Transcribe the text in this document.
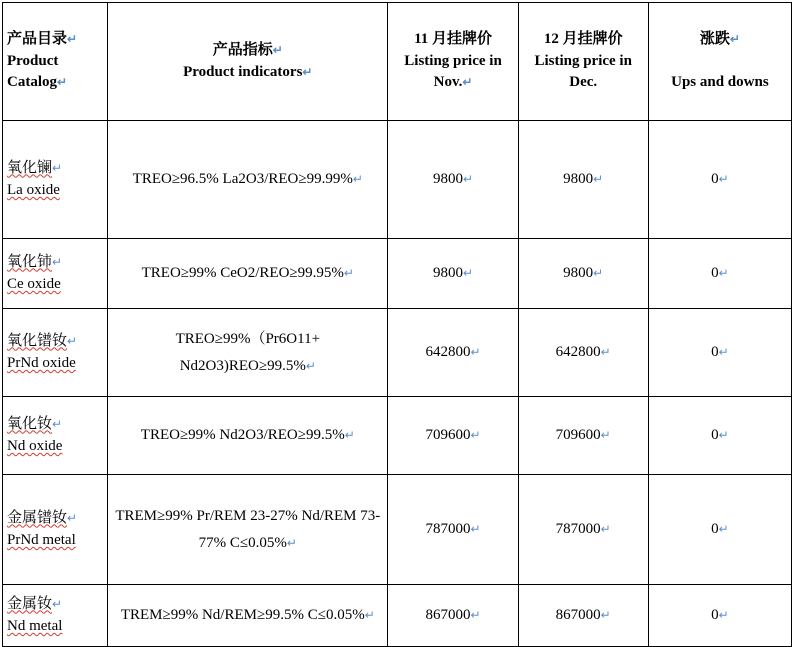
产品目录↵
Product Catalog↵	产品指标↵
Product indicators↵	11 月挂牌价
Listing price in Nov.↵	12 月挂牌价
Listing price in Dec.	涨跌↵

Ups and downs

氧化镧↵
La oxide	TREO≥96.5% La2O3/REO≥99.99%↵	9800↵	9800↵	0↵

氧化铈↵
Ce oxide	TREO≥99% CeO2/REO≥99.95%↵	9800↵	9800↵	0↵

氧化镨钕↵
PrNd oxide	TREO≥99%（Pr6O11+ Nd2O3)REO≥99.5%↵	642800↵	642800↵	0↵

氧化钕↵
Nd oxide	TREO≥99% Nd2O3/REO≥99.5%↵	709600↵	709600↵	0↵

金属镨钕↵
PrNd metal	TREM≥99% Pr/REM 23-27% Nd/REM 73-77% C≤0.05%↵	787000↵	787000↵	0↵

金属钕↵
Nd metal	TREM≥99% Nd/REM≥99.5% C≤0.05%↵	867000↵	867000↵	0↵
